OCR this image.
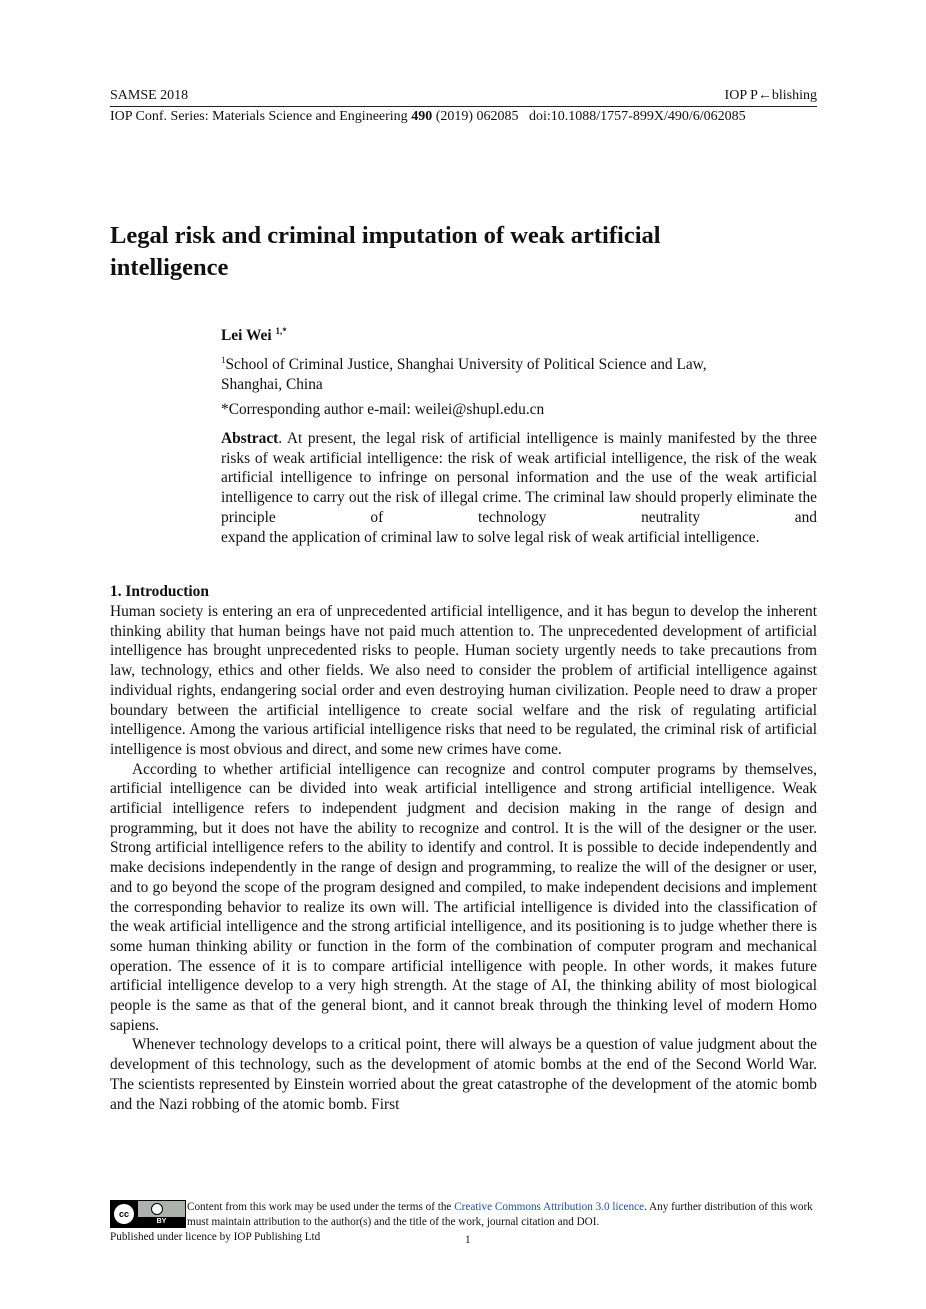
SAMSE 2018	IOP P←blishing
IOP Conf. Series: Materials Science and Engineering 490 (2019) 062085 doi:10.1088/1757-899X/490/6/062085
Legal risk and criminal imputation of weak artificial intelligence
Lei Wei $^{1,*}$
$^1$School of Criminal Justice, Shanghai University of Political Science and Law,
Shanghai, China
*Corresponding author e-mail: weilei@shupl.edu.cn
Abstract. At present, the legal risk of artificial intelligence is mainly manifested by the three risks of weak artificial intelligence: the risk of weak artificial intelligence, the risk of the weak artificial intelligence to infringe on personal information and the use of the weak artificial intelligence to carry out the risk of illegal crime. The criminal law should properly eliminate the principle of technology neutrality and
expand the application of criminal law to solve legal risk of weak artificial intelligence.
1. Introduction

Human society is entering an era of unprecedented artificial intelligence, and it has begun to develop the inherent thinking ability that human beings have not paid much attention to. The unprecedented development of artificial intelligence has brought unprecedented risks to people. Human society urgently needs to take precautions from law, technology, ethics and other fields. We also need to consider the problem of artificial intelligence against individual rights, endangering social order and even destroying human civilization. People need to draw a proper boundary between the artificial intelligence to create social welfare and the risk of regulating artificial intelligence. Among the various artificial intelligence risks that need to be regulated, the criminal risk of artificial intelligence is most obvious and direct, and some new crimes have come.

According to whether artificial intelligence can recognize and control computer programs by themselves, artificial intelligence can be divided into weak artificial intelligence and strong artificial intelligence. Weak artificial intelligence refers to independent judgment and decision making in the range of design and programming, but it does not have the ability to recognize and control. It is the will of the designer or the user. Strong artificial intelligence refers to the ability to identify and control. It is possible to decide independently and make decisions independently in the range of design and programming, to realize the will of the designer or user, and to go beyond the scope of the program designed and compiled, to make independent decisions and implement the corresponding behavior to realize its own will. The artificial intelligence is divided into the classification of the weak artificial intelligence and the strong artificial intelligence, and its positioning is to judge whether there is some human thinking ability or function in the form of the combination of computer program and mechanical operation. The essence of it is to compare artificial intelligence with people. In other words, it makes future artificial intelligence develop to a very high strength. At the stage of AI, the thinking ability of most biological people is the same as that of the general biont, and it cannot break through the thinking level of modern Homo sapiens.

Whenever technology develops to a critical point, there will always be a question of value judgment about the development of this technology, such as the development of atomic bombs at the end of the Second World War. The scientists represented by Einstein worried about the great catastrophe of the development of the atomic bomb and the Nazi robbing of the atomic bomb. First

cc
BY
Content from this work may be used under the terms of the Creative Commons Attribution 3.0 licence. Any further distribution of this work must maintain attribution to the author(s) and the title of the work, journal citation and DOI.
Published under licence by IOP Publishing Ltd	1
